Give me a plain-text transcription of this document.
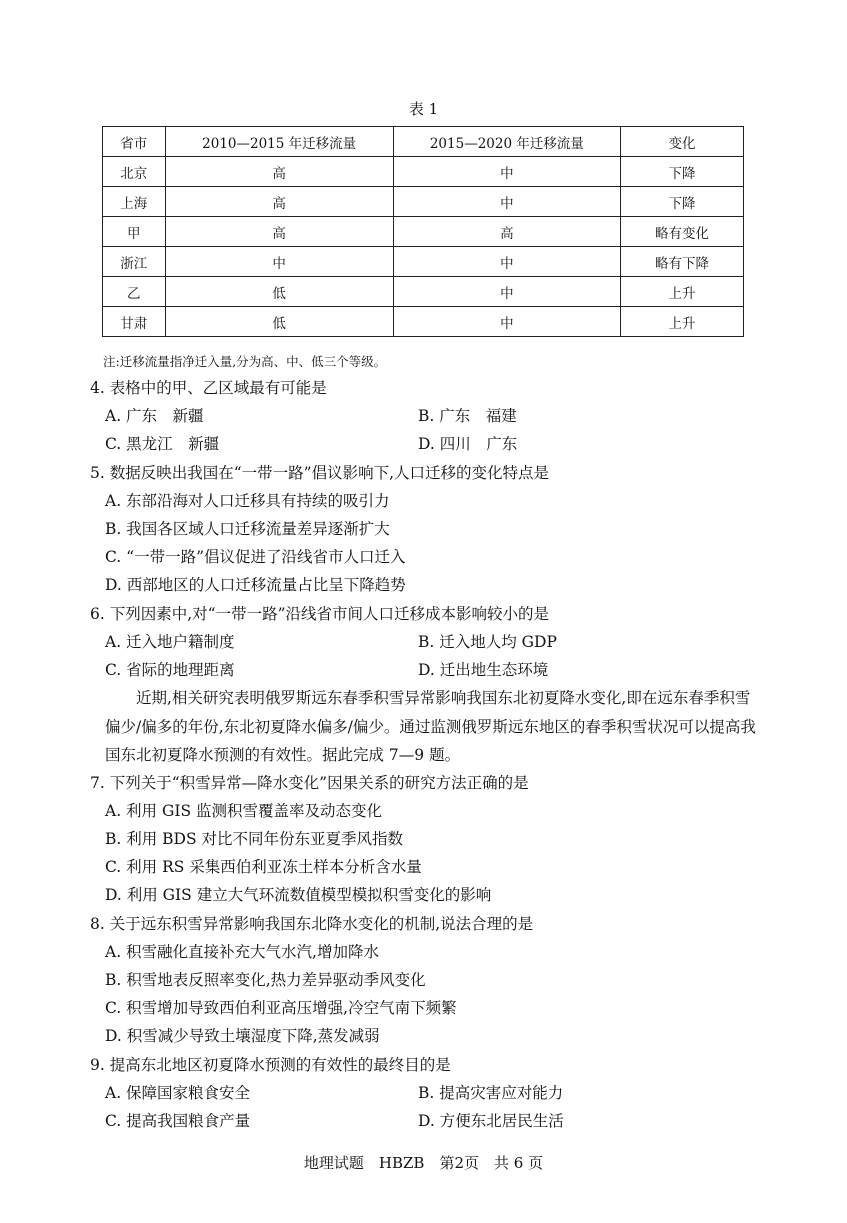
表 1
省市	2010—2015 年迁移流量	2015—2020 年迁移流量	变化
北京	高	中	下降
上海	高	中	下降
甲	高	高	略有变化
浙江	中	中	略有下降
乙	低	中	上升
甘肃	低	中	上升
注:迁移流量指净迁入量,分为高、中、低三个等级。
4. 表格中的甲、乙区域最有可能是
A. 广东　新疆	B. 广东　福建
C. 黑龙江　新疆	D. 四川　广东
5. 数据反映出我国在“一带一路”倡议影响下,人口迁移的变化特点是
A. 东部沿海对人口迁移具有持续的吸引力
B. 我国各区域人口迁移流量差异逐渐扩大
C. “一带一路”倡议促进了沿线省市人口迁入
D. 西部地区的人口迁移流量占比呈下降趋势
6. 下列因素中,对“一带一路”沿线省市间人口迁移成本影响较小的是
A. 迁入地户籍制度	B. 迁入地人均 GDP
C. 省际的地理距离	D. 迁出地生态环境
近期,相关研究表明俄罗斯远东春季积雪异常影响我国东北初夏降水变化,即在远东春季积雪偏少/偏多的年份,东北初夏降水偏多/偏少。通过监测俄罗斯远东地区的春季积雪状况可以提高我国东北初夏降水预测的有效性。据此完成 7—9 题。
7. 下列关于“积雪异常—降水变化”因果关系的研究方法正确的是
A. 利用 GIS 监测积雪覆盖率及动态变化
B. 利用 BDS 对比不同年份东亚夏季风指数
C. 利用 RS 采集西伯利亚冻土样本分析含水量
D. 利用 GIS 建立大气环流数值模型模拟积雪变化的影响
8. 关于远东积雪异常影响我国东北降水变化的机制,说法合理的是
A. 积雪融化直接补充大气水汽,增加降水
B. 积雪地表反照率变化,热力差异驱动季风变化
C. 积雪增加导致西伯利亚高压增强,冷空气南下频繁
D. 积雪减少导致土壤湿度下降,蒸发减弱
9. 提高东北地区初夏降水预测的有效性的最终目的是
A. 保障国家粮食安全	B. 提高灾害应对能力
C. 提高我国粮食产量	D. 方便东北居民生活
地理试题　HBZB　第2页　共 6 页
